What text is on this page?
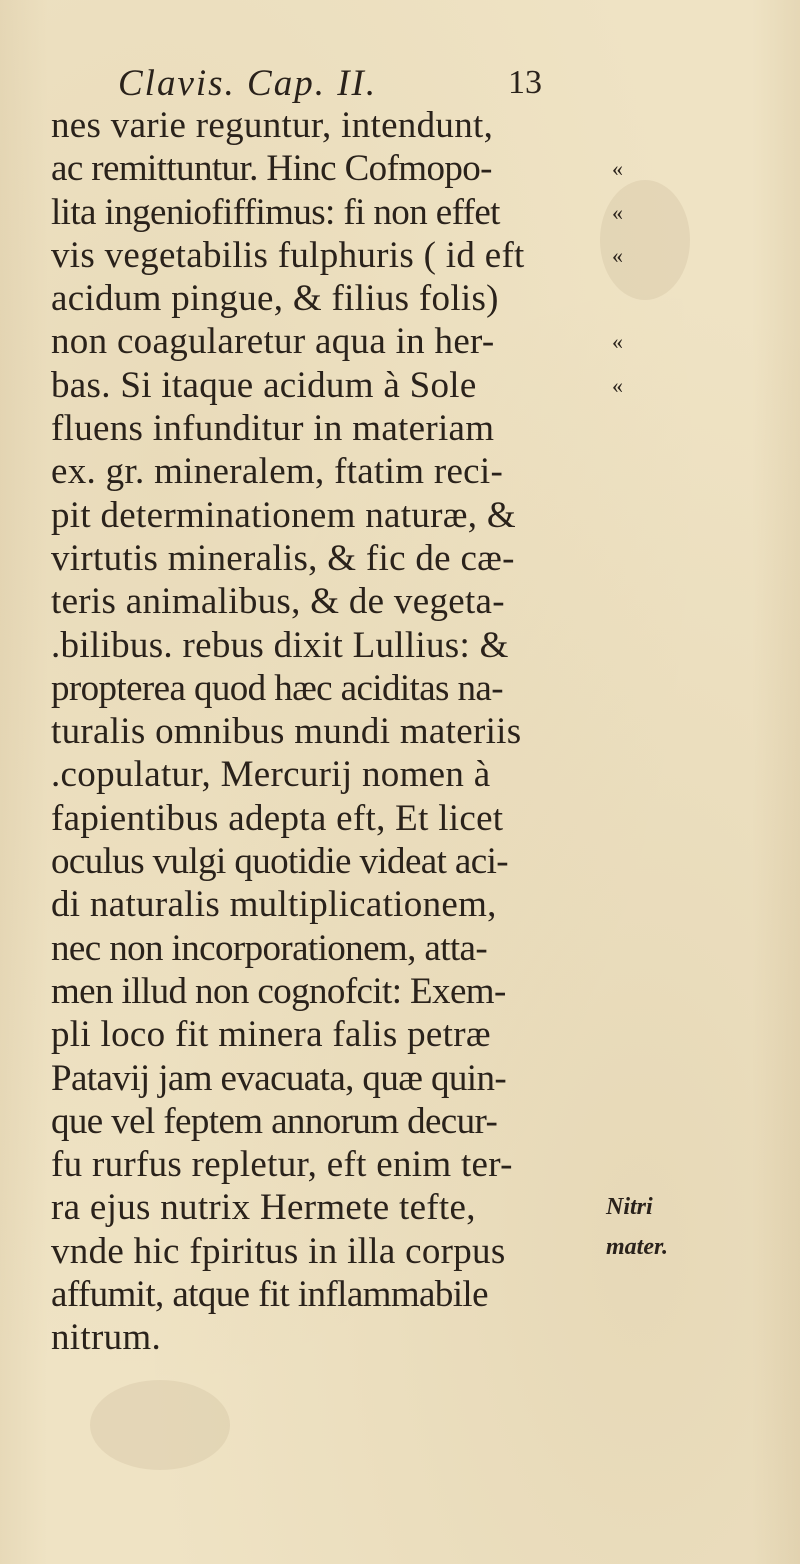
Clavis. Cap. II.	13
nes varie reguntur, intendunt,
ac remittuntur. Hinc Cofmopo-
lita ingeniofiffimus: fi non effet
vis vegetabilis fulphuris ( id eft
acidum pingue, & filius folis)
non coagularetur aqua in her-
bas. Si itaque acidum à Sole
fluens infunditur in materiam
ex. gr. mineralem, ftatim reci-
pit determinationem naturæ, &
virtutis mineralis, & fic de cæ-
teris animalibus, & de vegeta-
.bilibus. rebus dixit Lullius: &
propterea quod hæc aciditas na-
turalis omnibus mundi materiis
.copulatur, Mercurij nomen à
fapientibus adepta eft, Et licet
oculus vulgi quotidie videat aci-
di naturalis multiplicationem,
nec non incorporationem, atta-
men illud non cognofcit: Exem-
pli loco fit minera falis petræ
Patavij jam evacuata, quæ quin-
que vel feptem annorum decur-
fu rurfus repletur, eft enim ter-
ra ejus nutrix Hermete tefte,
vnde hic fpiritus in illa corpus
affumit, atque fit inflammabile
nitrum.
«
«
«
«
«
Nitri
mater.
